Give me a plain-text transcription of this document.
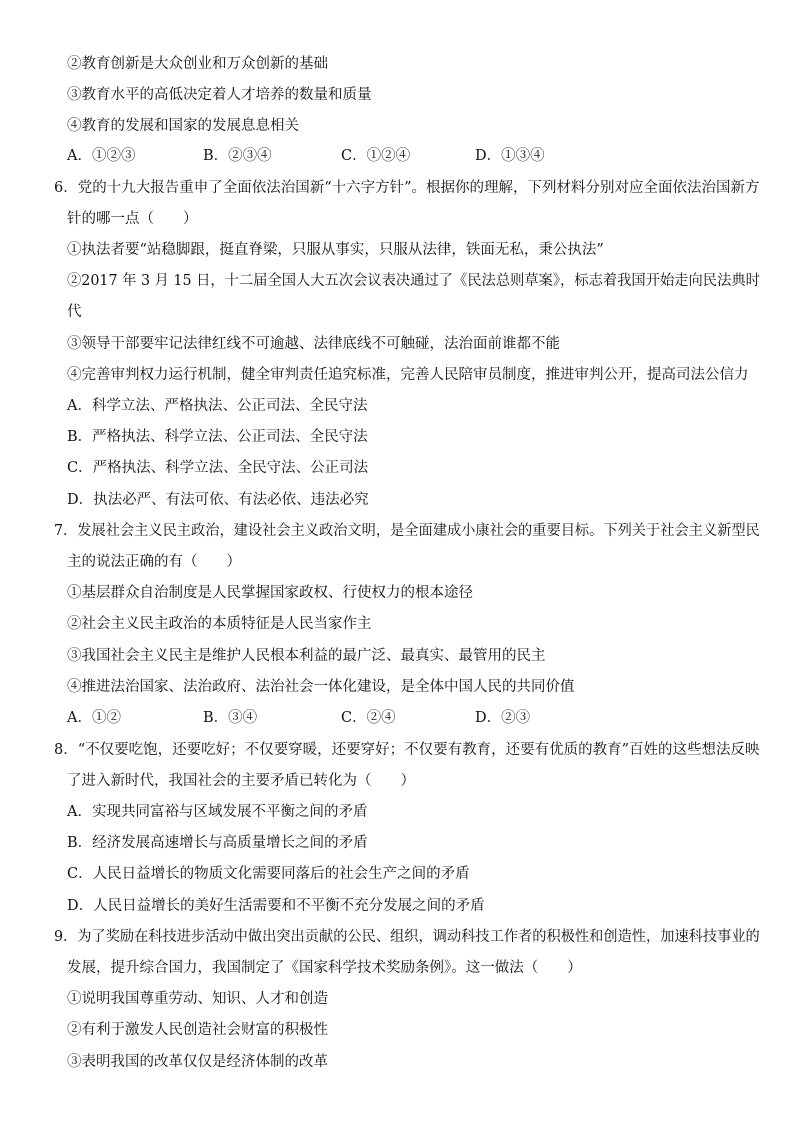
②教育创新是大众创业和万众创新的基础
③教育水平的高低决定着人才培养的数量和质量
④教育的发展和国家的发展息息相关
A．①②③	B．②③④	C．①②④	D．①③④
6．党的十九大报告重申了全面依法治国新“十六字方针”。根据你的理解，下列材料分别对应全面依法治国新方
针的哪一点（　　）
①执法者要“站稳脚跟，挺直脊梁，只服从事实，只服从法律，铁面无私，秉公执法”
②2017 年 3 月 15 日，十二届全国人大五次会议表决通过了《民法总则草案》，标志着我国开始走向民法典时
代
③领导干部要牢记法律红线不可逾越、法律底线不可触碰，法治面前谁都不能
④完善审判权力运行机制，健全审判责任追究标准，完善人民陪审员制度，推进审判公开，提高司法公信力
A．科学立法、严格执法、公正司法、全民守法
B．严格执法、科学立法、公正司法、全民守法
C．严格执法、科学立法、全民守法、公正司法
D．执法必严、有法可依、有法必依、违法必究
7．发展社会主义民主政治，建设社会主义政治文明，是全面建成小康社会的重要目标。下列关于社会主义新型民
主的说法正确的有（　　）
①基层群众自治制度是人民掌握国家政权、行使权力的根本途径
②社会主义民主政治的本质特征是人民当家作主
③我国社会主义民主是维护人民根本利益的最广泛、最真实、最管用的民主
④推进法治国家、法治政府、法治社会一体化建设，是全体中国人民的共同价值
A．①②	B．③④	C．②④	D．②③
8．“不仅要吃饱，还要吃好；不仅要穿暖，还要穿好；不仅要有教育，还要有优质的教育”百姓的这些想法反映
了进入新时代，我国社会的主要矛盾已转化为（　　）
A．实现共同富裕与区域发展不平衡之间的矛盾
B．经济发展高速增长与高质量增长之间的矛盾
C．人民日益增长的物质文化需要同落后的社会生产之间的矛盾
D．人民日益增长的美好生活需要和不平衡不充分发展之间的矛盾
9．为了奖励在科技进步活动中做出突出贡献的公民、组织，调动科技工作者的积极性和创造性，加速科技事业的
发展，提升综合国力，我国制定了《国家科学技术奖励条例》。这一做法（　　）
①说明我国尊重劳动、知识、人才和创造
②有利于激发人民创造社会财富的积极性
③表明我国的改革仅仅是经济体制的改革
